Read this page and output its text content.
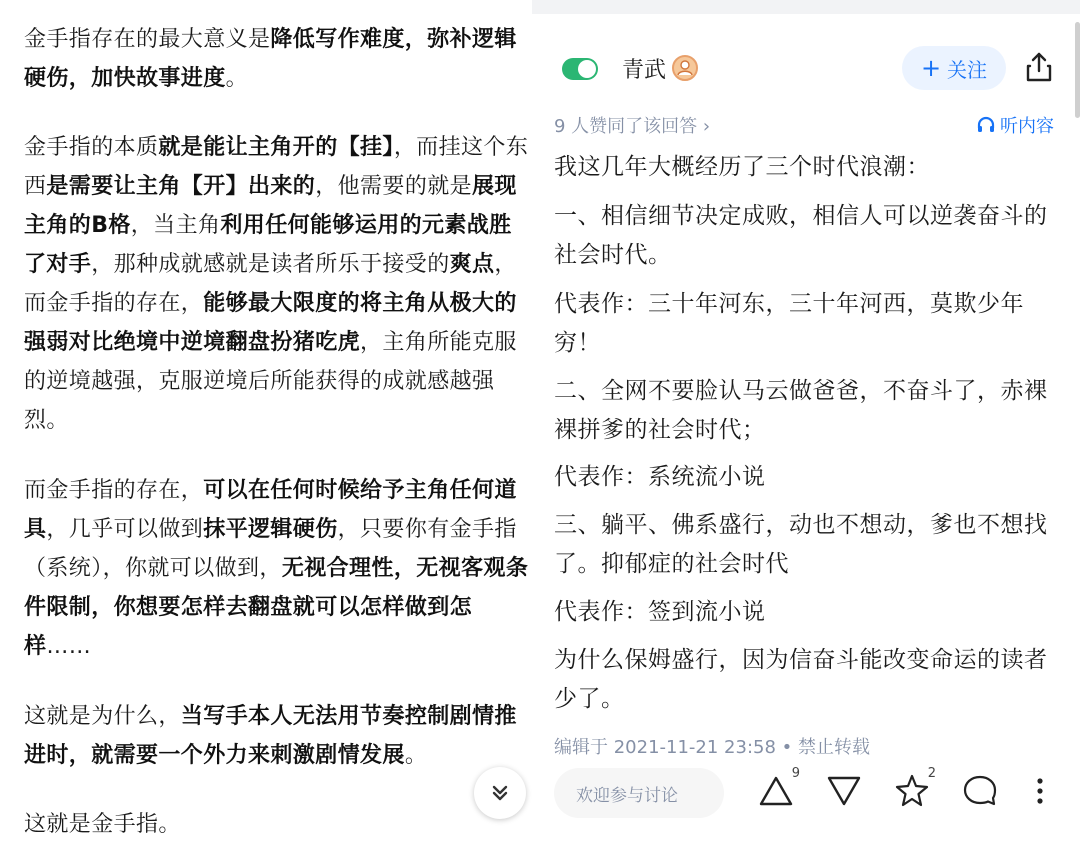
金手指存在的最大意义是降低写作难度，弥补逻辑硬伤，加快故事进度。
金手指的本质就是能让主角开的【挂】，而挂这个东西是需要让主角【开】出来的，他需要的就是展现主角的B格，当主角利用任何能够运用的元素战胜了对手，那种成就感就是读者所乐于接受的爽点，而金手指的存在，能够最大限度的将主角从极大的强弱对比绝境中逆境翻盘扮猪吃虎，主角所能克服的逆境越强，克服逆境后所能获得的成就感越强烈。
而金手指的存在，可以在任何时候给予主角任何道具，几乎可以做到抹平逻辑硬伤，只要你有金手指（系统），你就可以做到，无视合理性，无视客观条件限制，你想要怎样去翻盘就可以怎样做到怎样……
这就是为什么，当写手本人无法用节奏控制剧情推进时，就需要一个外力来刺激剧情发展。
这就是金手指。
青武	+ 关注
9 人赞同了该回答 ›	听内容
我这几年大概经历了三个时代浪潮：
一、相信细节决定成败，相信人可以逆袭奋斗的社会时代。
代表作：三十年河东，三十年河西，莫欺少年穷！
二、全网不要脸认马云做爸爸，不奋斗了，赤裸裸拼爹的社会时代；
代表作：系统流小说
三、躺平、佛系盛行，动也不想动，爹也不想找了。抑郁症的社会时代
代表作：签到流小说
为什么保姆盛行，因为信奋斗能改变命运的读者少了。
编辑于 2021-11-21 23:58 • 禁止转载
欢迎参与讨论
9	2
